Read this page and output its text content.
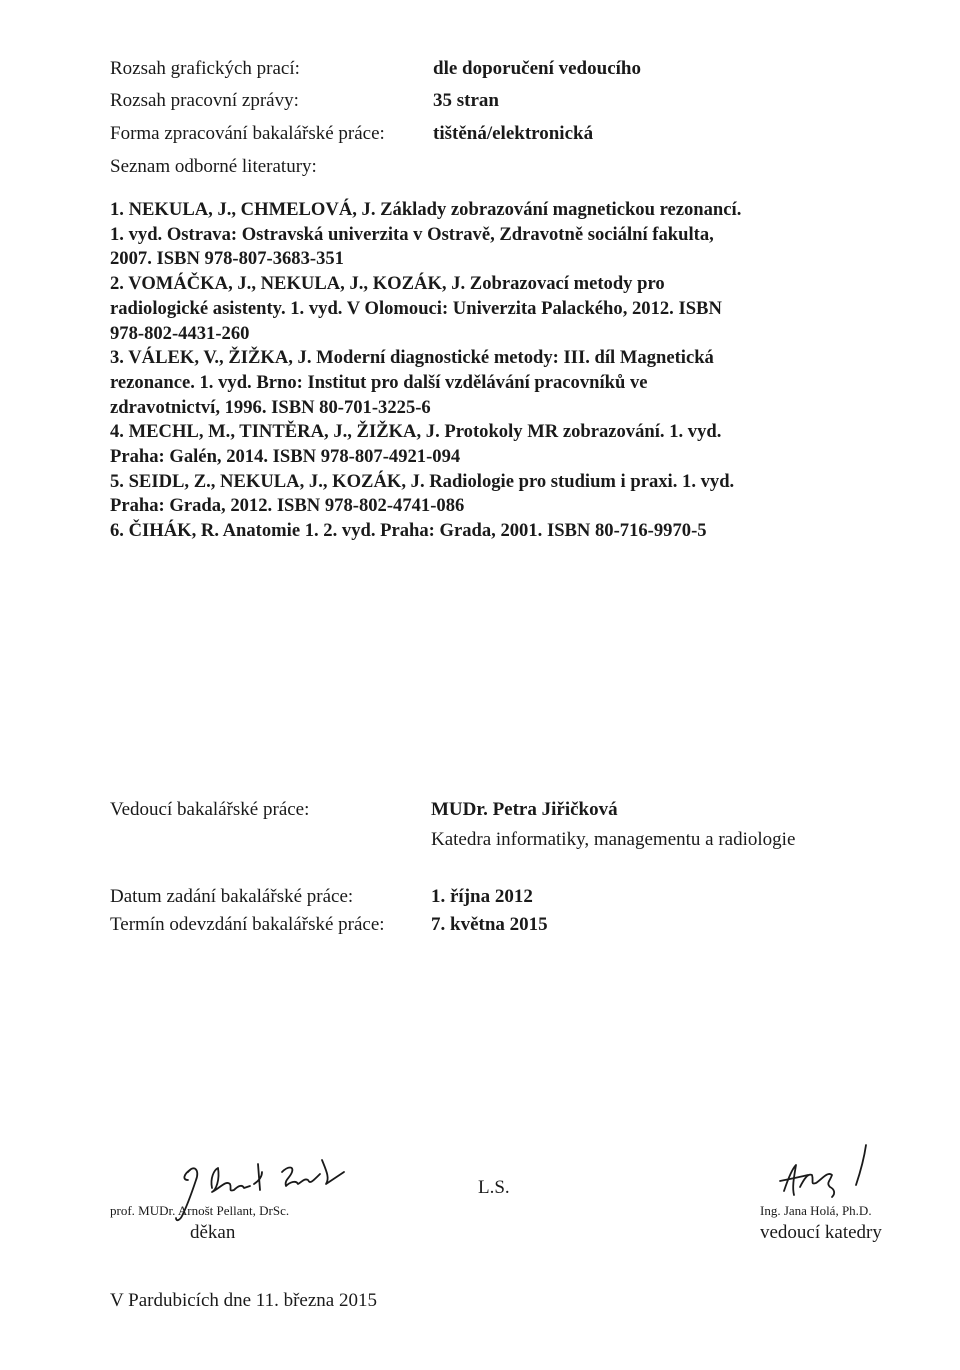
Rozsah grafických prací:	dle doporučení vedoucího
Rozsah pracovní zprávy:	35 stran
Forma zpracování bakalářské práce:	tištěná/elektronická
Seznam odborné literatury:
1. NEKULA, J., CHMELOVÁ, J. Základy zobrazování magnetickou rezonancí.
1. vyd. Ostrava: Ostravská univerzita v Ostravě, Zdravotně sociální fakulta,
2007. ISBN 978-807-3683-351
2. VOMÁČKA, J., NEKULA, J., KOZÁK, J. Zobrazovací metody pro
radiologické asistenty. 1. vyd. V Olomouci: Univerzita Palackého, 2012. ISBN
978-802-4431-260
3. VÁLEK, V., ŽIŽKA, J. Moderní diagnostické metody: III. díl Magnetická
rezonance. 1. vyd. Brno: Institut pro další vzdělávání pracovníků ve
zdravotnictví, 1996. ISBN 80-701-3225-6
4. MECHL, M., TINTĚRA, J., ŽIŽKA, J. Protokoly MR zobrazování. 1. vyd.
Praha: Galén, 2014. ISBN 978-807-4921-094
5. SEIDL, Z., NEKULA, J., KOZÁK, J. Radiologie pro studium i praxi. 1. vyd.
Praha: Grada, 2012. ISBN 978-802-4741-086
6. ČIHÁK, R. Anatomie 1. 2. vyd. Praha: Grada, 2001. ISBN 80-716-9970-5
Vedoucí bakalářské práce:	MUDr. Petra Jiřičková
Katedra informatiky, managementu a radiologie
Datum zadání bakalářské práce:	1. října 2012
Termín odevzdání bakalářské práce: 7. května 2015
prof. MUDr. Arnošt Pellant, DrSc.
děkan
L.S.
Ing. Jana Holá, Ph.D.
vedoucí katedry
V Pardubicích dne 11. března 2015
